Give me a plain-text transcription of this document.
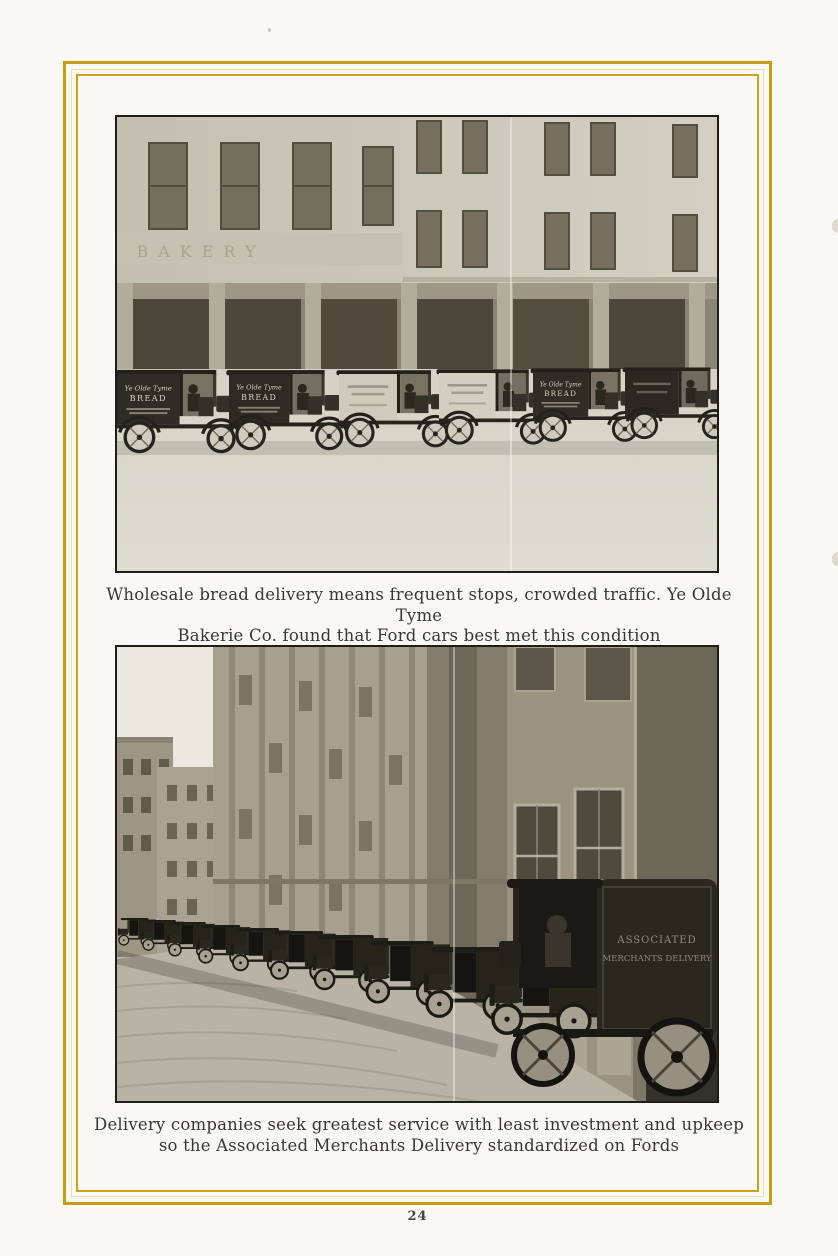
BAKERY
Ye Olde Tyme
BREAD
Ye Olde Tyme
BREAD
Ye Olde Tyme
BREAD
Wholesale bread delivery means frequent stops, crowded traffic. Ye Olde Tyme
Bakerie Co. found that Ford cars best met this condition
ASSOCIATED
MERCHANTS DELIVERY
Delivery companies seek greatest service with least investment and upkeep
so the Associated Merchants Delivery standardized on Fords
24
